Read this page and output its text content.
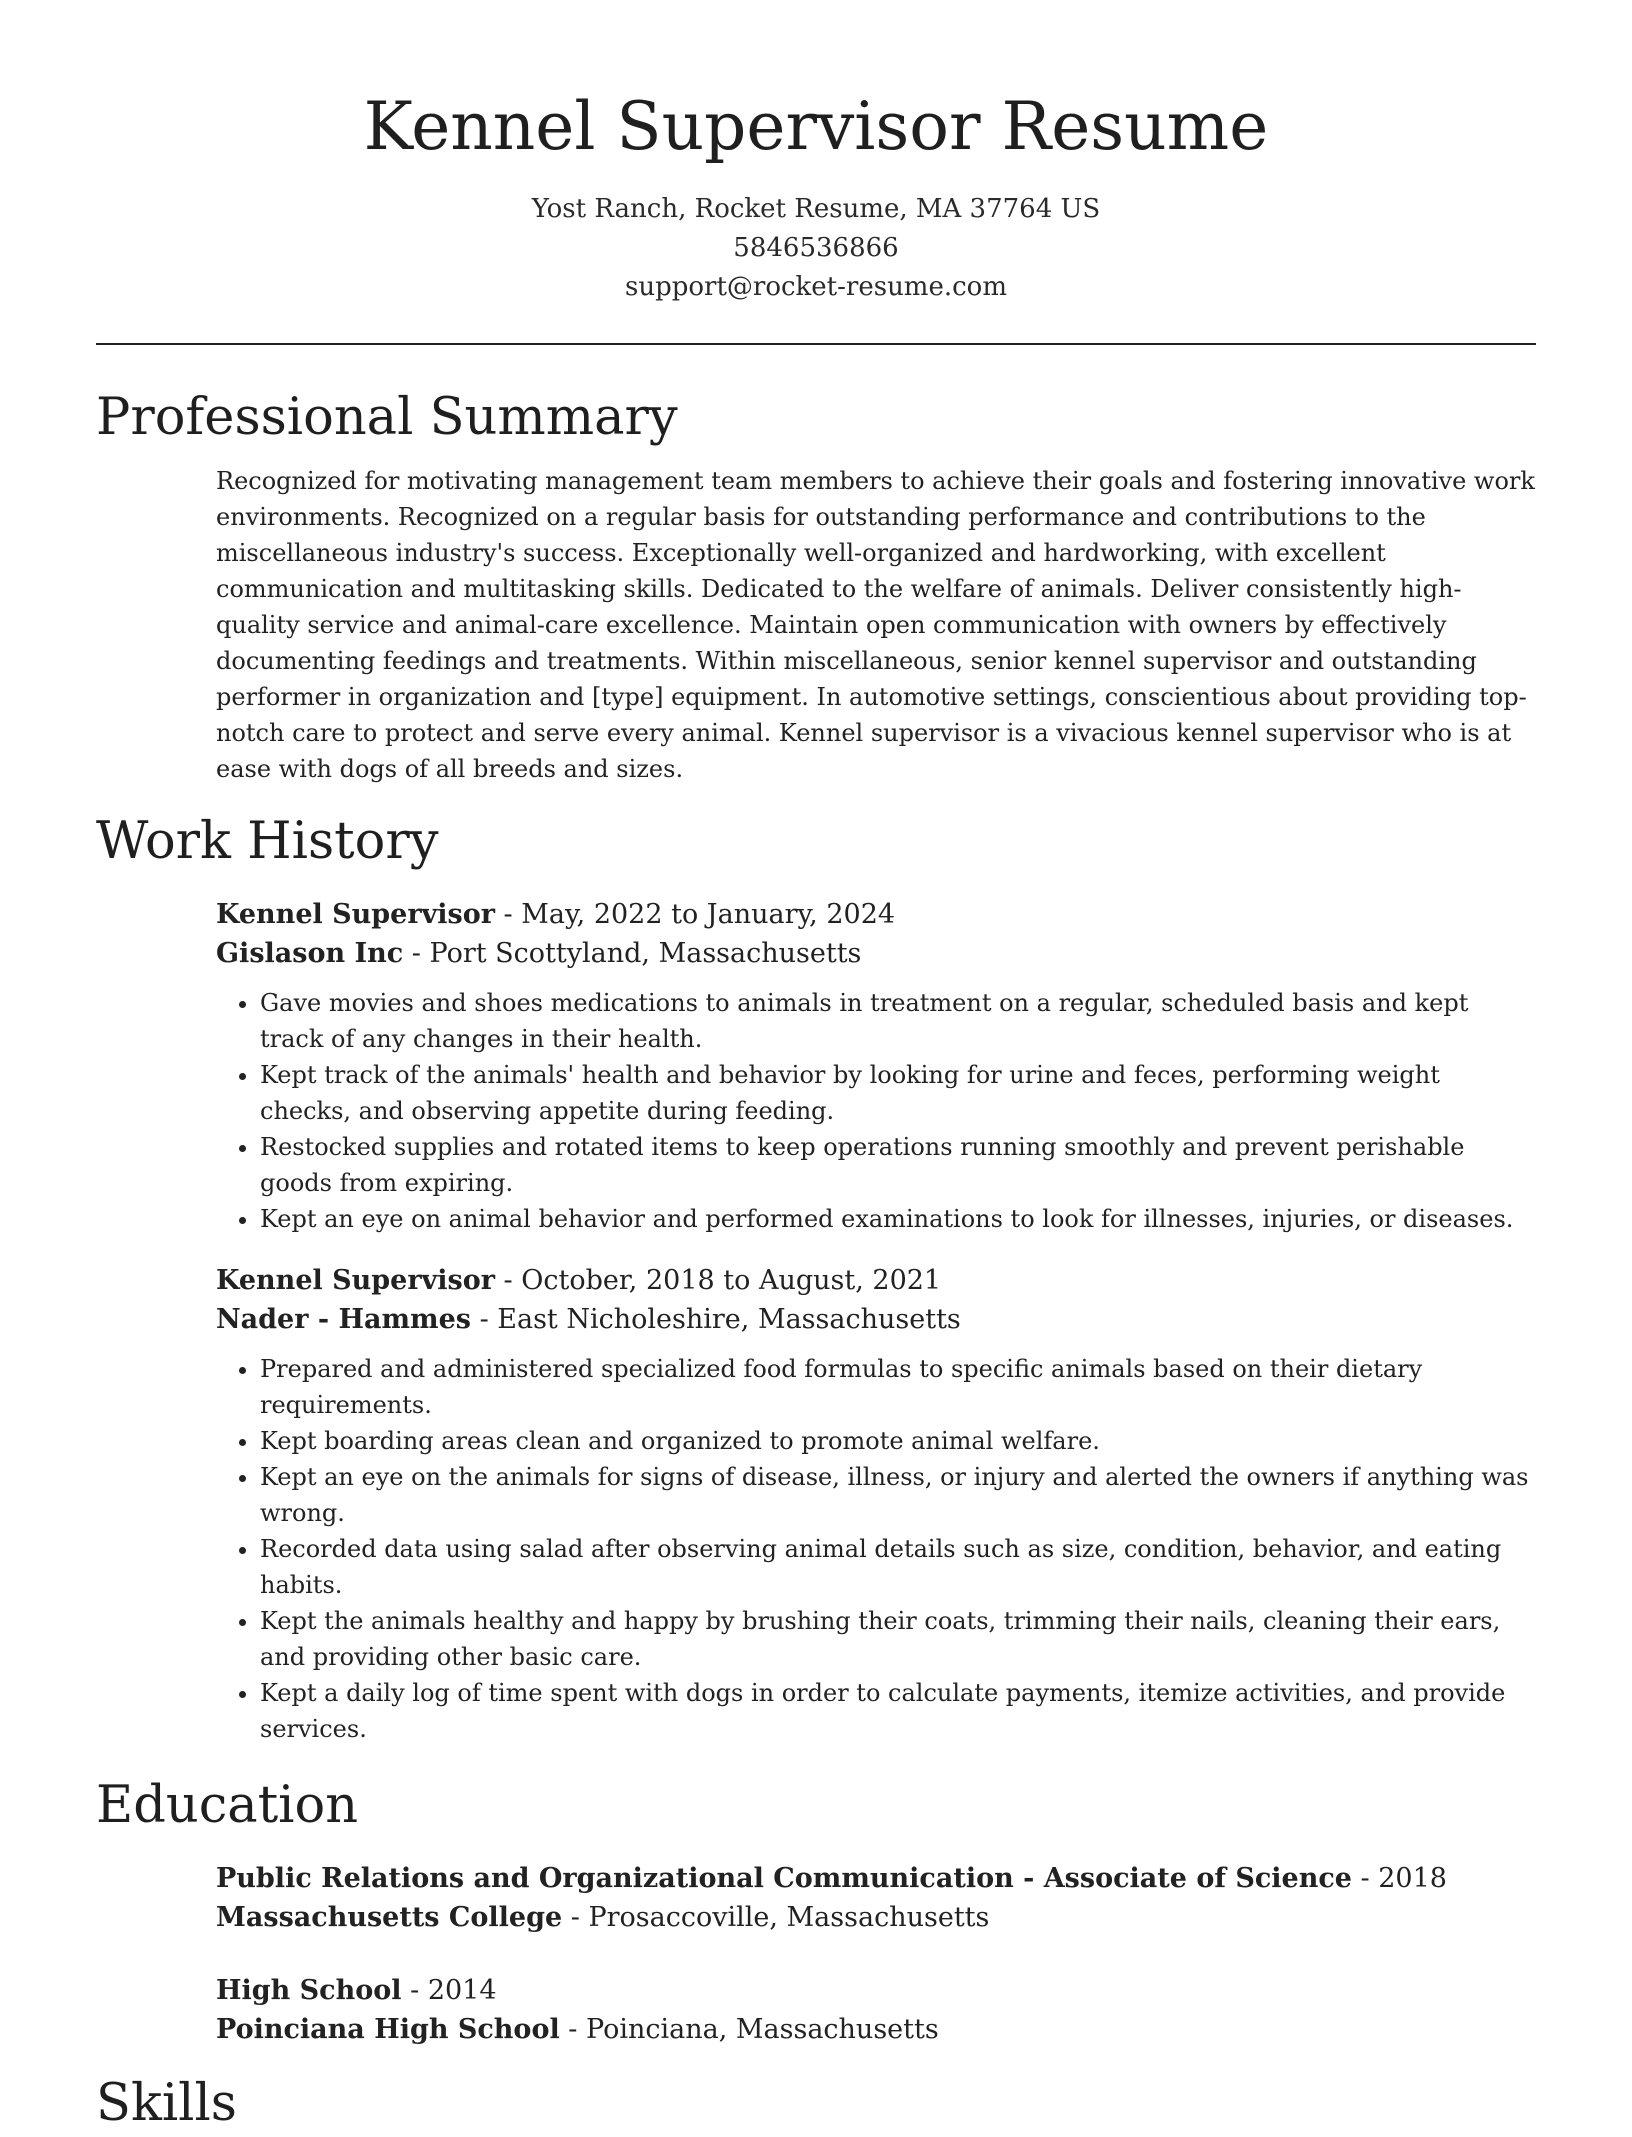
Kennel Supervisor Resume
Yost Ranch, Rocket Resume, MA 37764 US
5846536866
support@rocket-resume.com
Professional Summary
Recognized for motivating management team members to achieve their goals and fostering innovative work environments. Recognized on a regular basis for outstanding performance and contributions to the miscellaneous industry's success. Exceptionally well-organized and hardworking, with excellent communication and multitasking skills. Dedicated to the welfare of animals. Deliver consistently high-quality service and animal-care excellence. Maintain open communication with owners by effectively documenting feedings and treatments. Within miscellaneous, senior kennel supervisor and outstanding performer in organization and [type] equipment. In automotive settings, conscientious about providing top-notch care to protect and serve every animal. Kennel supervisor is a vivacious kennel supervisor who is at ease with dogs of all breeds and sizes.
Work History
Kennel Supervisor - May, 2022 to January, 2024
Gislason Inc - Port Scottyland, Massachusetts
• Gave movies and shoes medications to animals in treatment on a regular, scheduled basis and kept track of any changes in their health.
• Kept track of the animals' health and behavior by looking for urine and feces, performing weight checks, and observing appetite during feeding.
• Restocked supplies and rotated items to keep operations running smoothly and prevent perishable goods from expiring.
• Kept an eye on animal behavior and performed examinations to look for illnesses, injuries, or diseases.
Kennel Supervisor - October, 2018 to August, 2021
Nader - Hammes - East Nicholeshire, Massachusetts
• Prepared and administered specialized food formulas to specific animals based on their dietary requirements.
• Kept boarding areas clean and organized to promote animal welfare.
• Kept an eye on the animals for signs of disease, illness, or injury and alerted the owners if anything was wrong.
• Recorded data using salad after observing animal details such as size, condition, behavior, and eating habits.
• Kept the animals healthy and happy by brushing their coats, trimming their nails, cleaning their ears, and providing other basic care.
• Kept a daily log of time spent with dogs in order to calculate payments, itemize activities, and provide services.
Education
Public Relations and Organizational Communication - Associate of Science - 2018
Massachusetts College - Prosaccoville, Massachusetts
High School - 2014
Poinciana High School - Poinciana, Massachusetts
Skills
